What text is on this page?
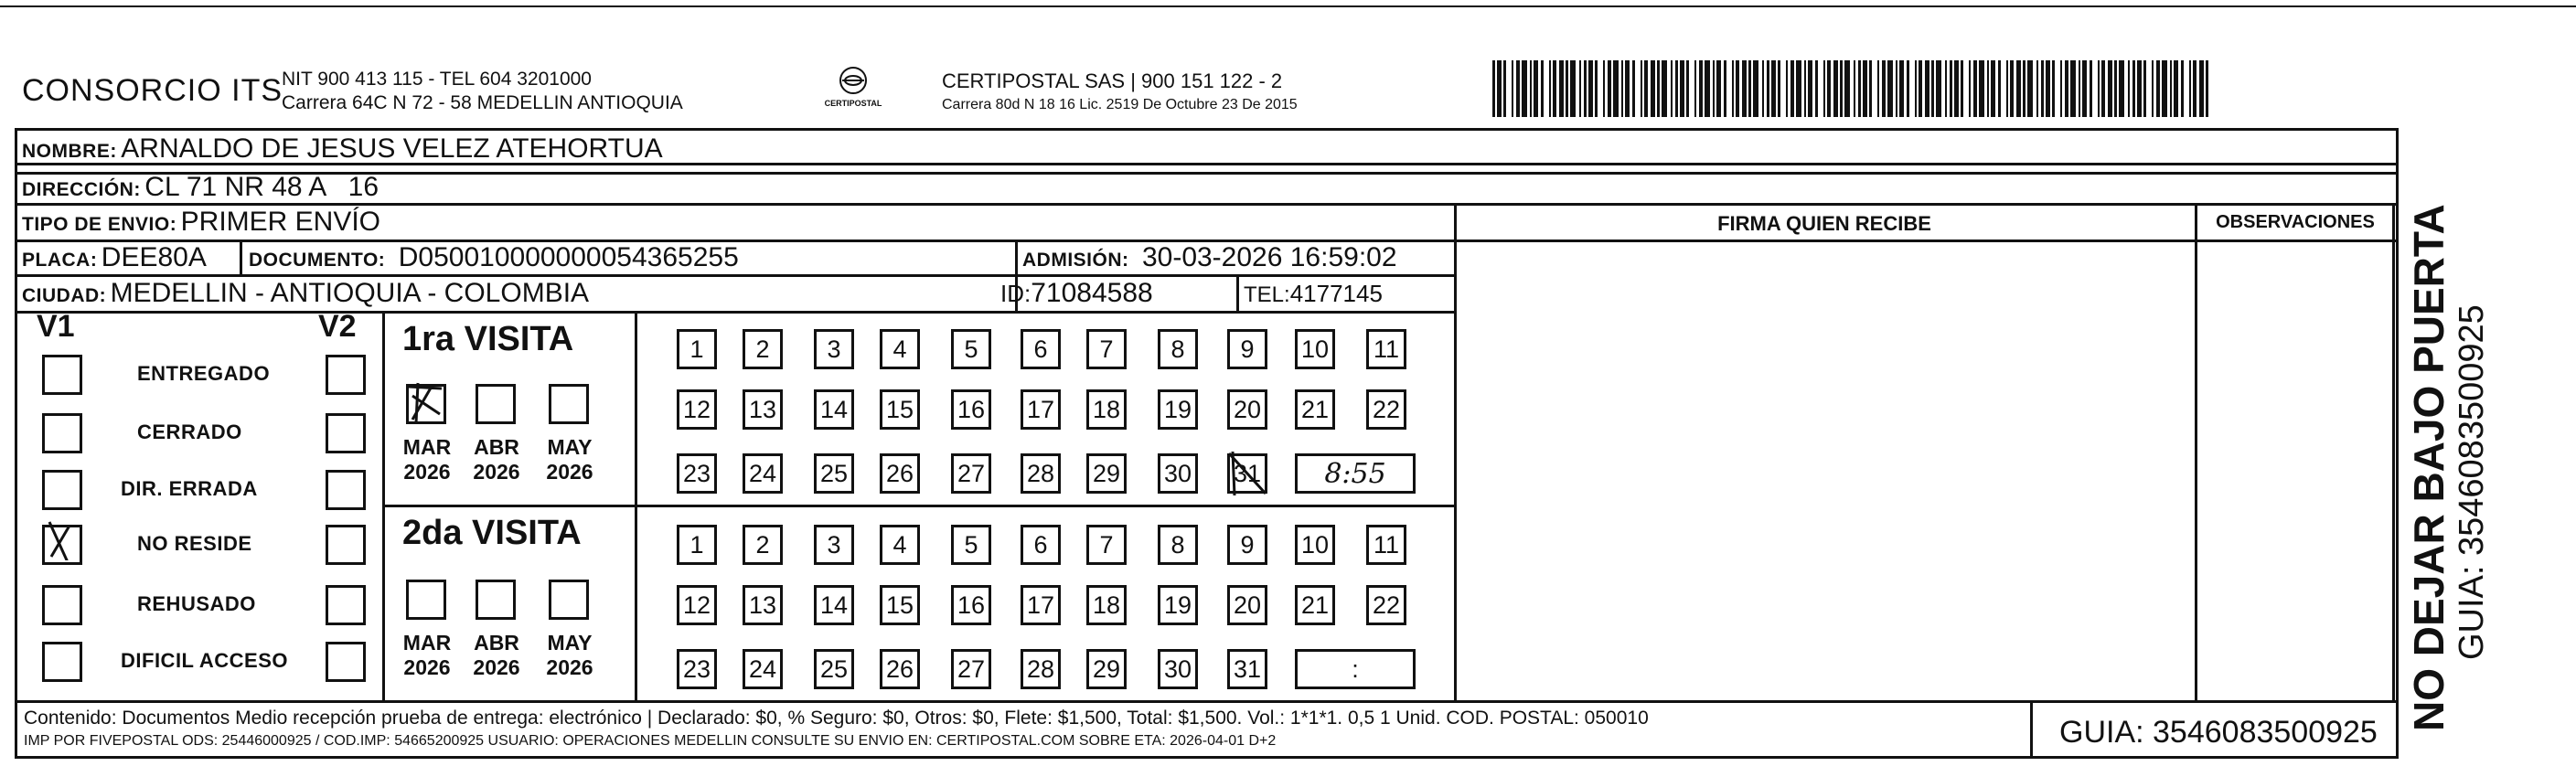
CONSORCIO ITS
NIT 900 413 115 - TEL 604 3201000
Carrera 64C N 72 - 58 MEDELLIN ANTIOQUIA	CERTIPOSTAL
CERTIPOSTAL SAS | 900 151 122 - 2
Carrera 80d N 18 16 Lic. 2519 De Octubre 23 De 2015
NOMBRE: ARNALDO DE JESUS VELEZ ATEHORTUA
DIRECCIÓN: CL 71 NR 48 A   16
TIPO DE ENVIO: PRIMER ENVÍO	FIRMA QUIEN RECIBE	OBSERVACIONES
PLACA: DEE80A DOCUMENTO: D050010000000054365255	ADMISIÓN: 30-03-2026 16:59:02
CIUDAD: MEDELLIN - ANTIOQUIA - COLOMBIA	ID:71084588	TEL:4177145
V1	V2
ENTREGADO
CERRADO
DIR. ERRADA
NO RESIDE
REHUSADO
DIFICIL ACCESO
1ra VISITA
2da VISITA
MAR
2026
ABR
2026
MAY
2026
1	2	3	4	5	6	7	8	9	10 11
12 13 14 15 16 17 18 19 20 21 22
23 24 25 26 27 28 29 30 31 8:55
MAR
2026
ABR
2026
MAY
2026
1	2	3	4	5	6	7	8	9	10 11
12 13 14 15 16 17 18 19 20 21 22
23 24 25 26 27 28 29 30 31	:	NO DEJAR BAJO PUERTA GUIA: 3546083500925
Contenido: Documentos Medio recepción prueba de entrega: electrónico | Declarado: $0, % Seguro: $0, Otros: $0, Flete: $1,500, Total: $1,500. Vol.: 1*1*1. 0,5 1 Unid. COD. POSTAL: 050010
IMP POR FIVEPOSTAL ODS: 25446000925 / COD.IMP: 54665200925 USUARIO: OPERACIONES MEDELLIN CONSULTE SU ENVIO EN: CERTIPOSTAL.COM SOBRE ETA: 2026-04-01 D+2	GUIA: 3546083500925
